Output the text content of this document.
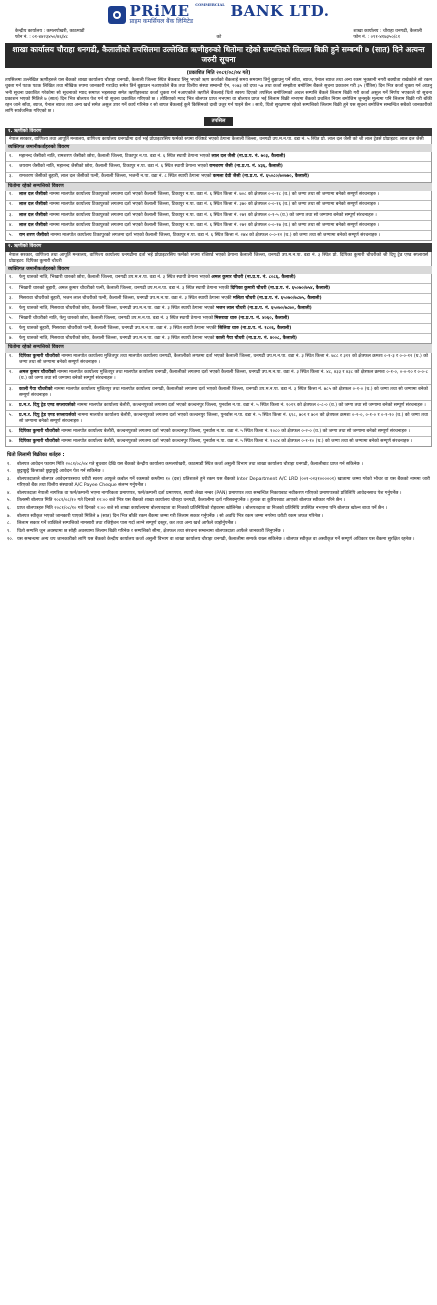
PRiME $^{COMMERCIAL}$ BANK LTD.
प्राइम कमर्सियल बैंक लिमिटेड
केन्द्रीय कार्यालय : कमलपोखरी, काठमाडौं
फोन नं. : ०१-४४२३४५०/४६/४८	को
शाखा कार्यालय : चौराहा धनगढी, कैलाली
फोन नं. : ०९१-४१७३५०/८१
शाखा कार्यालय चौराहा धनगढी, कैलालीको तपसिलमा उल्लेखित ऋणीहरुको धितोमा रहेको सम्पत्तिको लिलाम बिक्री हुने सम्बन्धी ७ (सात) दिने अत्यन्त जरुरी सूचना
(प्रकाशित मिति २०८१/०८/०४ गते)
तपसिलमा उल्लेखित ऋणीहरुले यस बैंकको शाखा कार्यालय चौराहा धनगढी, कैलाली जिल्ला स्थित बैंकबाट लिनु भएको ऋण कर्जाको बैंकलाई समय समयमा तिर्नु बुझाउनु पर्ने साँवा, ब्याज, पेनाल ब्याज तथा अन्य रकम भुक्तानी नगरी बक्यौता राखेकोले सो रकम चुक्ता गर्न पटक पटक लिखित तथा मौखिक रुपमा जानकारी गराउँदा समेत तिर्न बुझाउन नआएकोले बैंक तथा वित्तीय संस्था सम्बन्धी ऐन, २०७३ को दफा ५७ तथा कर्जा सम्झौता बमोजिम बैंकले सूचना प्रकाशन गरी ३५ (पैँतिस) दिन भित्र कर्जा चुक्ता गर्न आउनु भनी सूचना प्रकाशित गरेकोमा सो सूचनाको म्याद समाप्त भइसक्दा समेत ऋणीहरुबाट कर्जा चुक्ता गर्न नआएकोले ऋणीले बैंकलाई धितो स्वरुप दिएको तपसिल बमोजिमको अचल सम्पत्ति बैंकले लिलाम बिक्री गरी कर्जा असुल गर्ने निर्णय भएकाले यो सूचना प्रकाशन भएको मितिले ७ (सात) दिन भित्र बोलपत्र पेश गर्न यो सूचना प्रकाशित गरिएको छ । तोकिएको म्याद भित्र बोलपत्र प्राप्त नभएमा वा बोलपत्र प्राप्त भई लिलाम बिक्री नभएमा बैंकको प्रचलित नियम बमोजिम जुनसुकै मूल्यमा पनि लिलाम बिक्री गरी बाँकी रहन जाने साँवा, ब्याज, पेनाल ब्याज तथा अन्य खर्च समेत असुल उपर गर्ने कार्य गरिनेछ र सो बापत बैंकलाई कुनै किसिमको दाबी उजुर गर्न पाइने छैन । साथै, धितो सुरक्षणमा रहेको सम्पत्तिको लिलाम बिक्री हुने यस सूचना बमोजिम सम्बन्धित सबैको जानकारीको लागि सार्वजनिक गरिएको छ ।
तपसिल
१. ऋणीको विवरण
नेपाल सरकार, वाणिज्य तथा आपूर्ति मन्त्रालय, वाणिज्य कार्यालय धनगढीमा दर्ता भई प्रोप्राइटरसिप फर्मको रुपमा रजिष्टर्ड भएको ठेगाना कैलाली जिल्ला, धनगढी उप.म.न.पा. वडा नं. ५ स्थित प्रो. लाल दल जैसी को श्री लाल ट्रेडर्स प्रोप्राइटर: लाल दल जैसी
व्यक्तिगत जमानीकर्ताहरुको विवरण
१.	महानन्द जैसीको नाति, रामशरण जैसीको छोरा, कैलाली जिल्ला, टिकापुर न.पा. वडा नं. ६ स्थित स्थायी ठेगाना भएको लाल दल जैसी (ना.प्र.प. नं. ७०३, कैलाली)
२.	जयराम जैसीको नाति, महानन्द जैसीको छोरा, कैलाली जिल्ला, टिकापुर न.पा. वडा नं. ६ स्थित स्थायी ठेगाना भएको रामशरण जैसी (ना.प्र.प. नं. ४३६, कैलाली)
३.	रामशरण जैसीको बुहारी, लाल दल जैसीको पत्नी, कैलाली जिल्ला, भजनी न.पा. वडा नं. ८ स्थित स्थायी ठेगाना भएको कमला देवी जैसी (ना.प्र.प. नं. ६५०८०/७०७७०, कैलाली)
धितोमा रहेको सम्पत्तिको विवरण
१.	लाल दल जैसीको नाममा मालपोत कार्यालय टिकापुरको लगतमा दर्ता भएको कैलाली जिल्ला, टिकापुर न.पा. वडा नं. ६ स्थित कित्ता नं. ७०८ को क्षेत्रफल ०-०-१८ (ध.) को जग्गा तथा सो जग्गामा बनेको सम्पूर्ण संरचनाहरु ।
२.	लाल दल जैसीको नाममा मालपोत कार्यालय टिकापुरको लगतमा दर्ता भएको कैलाली जिल्ला, टिकापुर न.पा. वडा नं. ६ स्थित कित्ता नं. ३७० को क्षेत्रफल ०-०-१६ (ध.) को जग्गा तथा सो जग्गामा बनेको सम्पूर्ण संरचनाहरु ।
३.	लाल दल जैसीको नाममा मालपोत कार्यालय टिकापुरको लगतमा दर्ता भएको कैलाली जिल्ला, टिकापुर न.पा. वडा नं. ६ स्थित कित्ता नं. २७१ को क्षेत्रफल ०-१-५ (ध.) को जग्गा तथा सो जग्गामा बनेको सम्पूर्ण संरचनाहरु ।
४.	लाल दल जैसीको नाममा मालपोत कार्यालय टिकापुरको लगतमा दर्ता भएको कैलाली जिल्ला, टिकापुर न.पा. वडा नं. ६ स्थित कित्ता नं. २७२ को क्षेत्रफल ०-०-१७ (ध.) को जग्गा तथा सो जग्गामा बनेको सम्पूर्ण संरचनाहरु ।
५.	राम शरण जैसीको नाममा मालपोत कार्यालय टिकापुरको लगतमा दर्ता भएको कैलाली जिल्ला, टिकापुर न.पा. वडा नं. ६ स्थित कित्ता नं. २७४ को क्षेत्रफल ०-०-१२ (ध.) को जग्गा तथा सो जग्गामा बनेको सम्पूर्ण संरचनाहरु ।
२. ऋणीको विवरण
नेपाल सरकार, वाणिज्य तथा आपूर्ति मन्त्रालय, वाणिज्य कार्यालय धनगढीमा दर्ता भई प्रोप्राइटरसिप फर्मको रुपमा रजिष्टर्ड भएको ठेगाना कैलाली जिल्ला, धनगढी उप.म.न.पा. वडा नं. ३ स्थित प्रो. दिपिका कुमारी चौधरीको श्री दिपु ट्रेड एण्ड सप्लायर्स प्रोप्राइटर: दिपिका कुमारी चौधरी
व्यक्तिगत जमानीकर्ताहरुको विवरण
१.	फेगु थारुको नाति, भिखारी थारुको छोरा, कैलाली जिल्ला, धनगढी उप.म.न.पा. वडा नं. ३ स्थित स्थायी ठेगाना भएको अमल कुमार चौधरी (ना.प्र.प. नं. ८०८६, कैलाली)
२.	भिखारी थारुको बुहारी, अमल कुमार चौधरीको पत्नी, कैलाली जिल्ला, धनगढी उप.म.न.पा. वडा नं. ३ स्थित स्थायी ठेगाना भएकी दिपिका कुमारी चौधरी (ना.प्र.प. नं. ६५०७०/७५४, कैलाली)
३.	मिसरावा चौधरीको बुहारी, भजन लाल चौधरीको पत्नी, कैलाली जिल्ला, धनगढी उप.म.न.पा. वडा नं. ३ स्थित स्थायी ठेगाना भएकी मलिता चौधरी (ना.प्र.प. नं. ६५०७०/७८७५, कैलाली)
४.	फेगु थारुको नाति, मिसरावा चौधरीको छोरा, कैलाली जिल्ला, धनगढी उप.म.न.पा. वडा नं. ३ स्थित स्थायी ठेगाना भएको भजन लाल चौधरी (ना.प्र.प. नं. ६५०७०/७८७०, कैलाली)
५.	भिखारी चौधरीको नाति, फेगु थारुको छोरा, कैलाली जिल्ला, धनगढी उप.म.न.पा. वडा नं. ३ स्थित स्थायी ठेगाना भएको मिसरावा थारु (ना.प्र.प. नं. ४०६०, कैलाली)
६.	फेगु थारुको बुहारी, मिसरावा चौधरीको पत्नी, कैलाली जिल्ला, धनगढी उप.म.न.पा. वडा नं. ३ स्थित स्थायी ठेगाना भएकी सिलिया थारु (ना.प्र.प. नं. १८०६, कैलाली)
७.	फेगु थारुको नाति, मिसरावा चौधरीको छोरा, कैलाली जिल्ला, धनगढी उप.म.न.पा. वडा नं. ३ स्थित स्थायी ठेगाना भएको काली गैया चौधरी (ना.प्र.प. नं. ४००८, कैलाली)
धितोमा रहेको सम्पत्तिको विवरण
१.	दिपिका कुमारी चौधरीको नाममा मालपोत कार्यालय मुजितपुर तथा मालपोत कार्यालय धनगढी, कैलालीको लगतमा दर्ता भएको कैलाली जिल्ला, धनगढी उप.म.न.पा. वडा नं. ३ स्थित कित्ता नं. ७८८ र ३११ को क्षेत्रफल क्रमशः ०-१-३ र ०-०-१२ (ध.) को जग्गा तथा सो जग्गामा बनेको सम्पूर्ण संरचनाहरु ।
२.	अमल कुमार चौधरीको नाममा मालपोत कार्यालय मुजितपुर तथा मालपोत कार्यालय धनगढी, कैलालीको लगतमा दर्ता भएको कैलाली जिल्ला, धनगढी उप.म.न.पा. वडा नं. ३ स्थित कित्ता नं. ४८, ४३३ र ४३८ को क्षेत्रफल क्रमशः ०-१-०, ०-०-१० र ०-०-८ (ध.) को जग्गा तथा सो जग्गामा बनेको सम्पूर्ण संरचनाहरु ।
३.	काली गैया चौधरीको नाममा मालपोत कार्यालय मुजितपुर तथा मालपोत कार्यालय धनगढी, कैलालीको लगतमा दर्ता भएको कैलाली जिल्ला, धनगढी उप.म.न.पा. वडा नं. ३ स्थित कित्ता नं. ७८५ को क्षेत्रफल ०-१-० (ध.) को जग्गा तथा सो जग्गामा बनेको सम्पूर्ण संरचनाहरु ।
४.	प्र.म.र. दिपु ट्रेड एण्ड सप्लायर्सको नाममा मालपोत कार्यालय बेलौरी, कञ्चनपुरको लगतमा दर्ता भएको कञ्चनपुर जिल्ला, पुनर्वास न.पा. वडा नं. ५ स्थित कित्ता नं. १०१९ को क्षेत्रफल ०-८-० (ध.) को जग्गा तथा सो जग्गामा बनेको सम्पूर्ण संरचनाहरु ।
५.	प्र.म.र. दिपु ट्रेड एण्ड सप्लायर्सको नाममा मालपोत कार्यालय बेलौरी, कञ्चनपुरको लगतमा दर्ता भएको कञ्चनपुर जिल्ला, पुनर्वास न.पा. वडा नं. ५ स्थित कित्ता नं. ६९८, ७०१ र ७०२ को क्षेत्रफल क्रमशः ०-२-०, ०-१-० र ०-१-१० (ध.) को जग्गा तथा सो जग्गामा बनेको सम्पूर्ण संरचनाहरु ।
६.	दिपिका कुमारी चौधरीको नाममा मालपोत कार्यालय बेलौरी, कञ्चनपुरको लगतमा दर्ता भएको कञ्चनपुर जिल्ला, पुनर्वास न.पा. वडा नं. ५ स्थित कित्ता नं. १०८० को क्षेत्रफल ०-२-० (ध.) को जग्गा तथा सो जग्गामा बनेको सम्पूर्ण संरचनाहरु ।
७.	दिपिका कुमारी चौधरीको नाममा मालपोत कार्यालय बेलौरी, कञ्चनपुरको लगतमा दर्ता भएको कञ्चनपुर जिल्ला, पुनर्वास न.पा. वडा नं. ५ स्थित कित्ता नं. १०८४ को क्षेत्रफल ०-१-१० (ध.) को जग्गा तथा सो जग्गामा बनेको सम्पूर्ण संरचनाहरु ।
धितो लिलामी बिक्रीका शर्तहरु :
१.	बोलपत्र आवेदन फाराम मिति २०८१/०८/०४ गते बुधबार देखि यस बैंकको केन्द्रीय कार्यालय कमलपोखरी, काठमाडौं स्थित कर्जा असुली विभाग तथा शाखा कार्यालय चौराहा धनगढी, कैलालीबाट प्राप्त गर्न सकिनेछ ।
२.	छुट्टाछुट्टै कित्ताको छुट्टाछुट्टै आवेदन पेश गर्न सकिनेछ ।
३.	बोलपत्रदाताले बोलपत्र आवेदनपत्रसाथ धरौटी स्वरुप आफूले कबोल गर्ने रकमको कम्तीमा १० (दश) प्रतिशतले हुने रकम यस बैंकको Inter Department A/C LRD (००१-०२३१०००००१) खातामा जम्मा गरेको भौचर वा यस बैंकको नाममा जारी गरिएको बैंक तथा वित्तीय संस्थाको A/C Payee Cheque संलग्न गर्नुपर्नेछ ।
४.	बोलपत्रदाता नेपाली नागरिक वा फर्म/कम्पनी भएमा नागरिकता प्रमाणपत्र, फर्म/कम्पनी दर्ता प्रमाणपत्र, स्थायी लेखा नम्बर (PAN) प्रमाणपत्र तथा सम्बन्धित निकायबाट नवीकरण गरिएको प्रमाणपत्रको प्रतिलिपि आवेदनसाथ पेश गर्नुपर्नेछ ।
५.	तिलस्मी बोलपत्र मिति २०८१/०८/१० गते दिनको १२:०० बजे भित्र यस बैंकको शाखा कार्यालय चौराहा धनगढी, कैलालीमा दर्ता गरिसक्नुपर्नेछ । हुलाक वा कुरियरबाट आएको बोलपत्र स्वीकार गरिने छैन ।
६.	प्राप्त बोलपत्रहरु मिति २०८१/०८/१० गते दिनको २:०० बजे सो शाखा कार्यालयमा बोलपत्रदाता वा निजको प्रतिनिधिको रोहवरमा खोलिनेछ । बोलपत्रदाता वा निजको प्रतिनिधि उपस्थित नभएमा पनि बोलपत्र खोल्न बाधा पर्ने छैन ।
७.	बोलपत्र स्वीकृत भएको जानकारी पाएको मितिले ७ (सात) दिन भित्र बाँकी रकम बैंकमा जम्मा गरी लिलाम सकार गर्नुपर्नेछ । सो अवधि भित्र रकम जम्मा नगरेमा धरौटी रकम जफत गरिनेछ ।
८.	लिलाम सकार गर्ने व्यक्तिले सम्पत्तिको नामसारी तथा रजिष्ट्रेशन पास गर्दा लाग्ने सम्पूर्ण दस्तुर, कर तथा अन्य खर्च आफैले व्यहोर्नुपर्नेछ ।
९.	धितो सम्पत्ति जुन अवस्थामा छ सोही अवस्थामा लिलाम बिक्री गरिनेछ र सम्पत्तिको सीमा, क्षेत्रफल तथा संरचना सम्बन्धमा बोलपत्रदाता आफैले जानकारी लिनुपर्नेछ ।
१०. यस सम्बन्धमा अन्य थप जानकारीको लागि यस बैंकको केन्द्रीय कार्यालय कर्जा असुली विभाग वा शाखा कार्यालय चौराहा धनगढी, कैलालीमा सम्पर्क राख्न सकिनेछ । बोलपत्र स्वीकृत वा अस्वीकृत गर्ने सम्पूर्ण अधिकार यस बैंकमा सुरक्षित रहनेछ ।
